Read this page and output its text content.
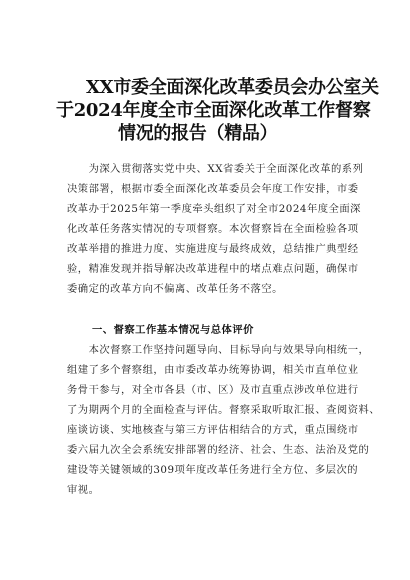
XX市委全面深化改革委员会办公室关
于2024年度全市全面深化改革工作督察
情况的报告（精品）

　　为深入贯彻落实党中央、XX省委关于全面深化改革的系列
决策部署，根据市委全面深化改革委员会年度工作安排，市委
改革办于2025年第一季度牵头组织了对全市2024年度全面深
化改革任务落实情况的专项督察。本次督察旨在全面检验各项
改革举措的推进力度、实施进度与最终成效，总结推广典型经
验，精准发现并指导解决改革进程中的堵点难点问题，确保市
委确定的改革方向不偏离、改革任务不落空。

一、督察工作基本情况与总体评价

　　本次督察工作坚持问题导向、目标导向与效果导向相统一，
组建了多个督察组，由市委改革办统筹协调，相关市直单位业
务骨干参与，对全市各县（市、区）及市直重点涉改单位进行
了为期两个月的全面检查与评估。督察采取听取汇报、查阅资料、
座谈访谈、实地核查与第三方评估相结合的方式，重点围绕市
委六届九次全会系统安排部署的经济、社会、生态、法治及党的
建设等关键领域的309项年度改革任务进行全方位、多层次的
审视。
